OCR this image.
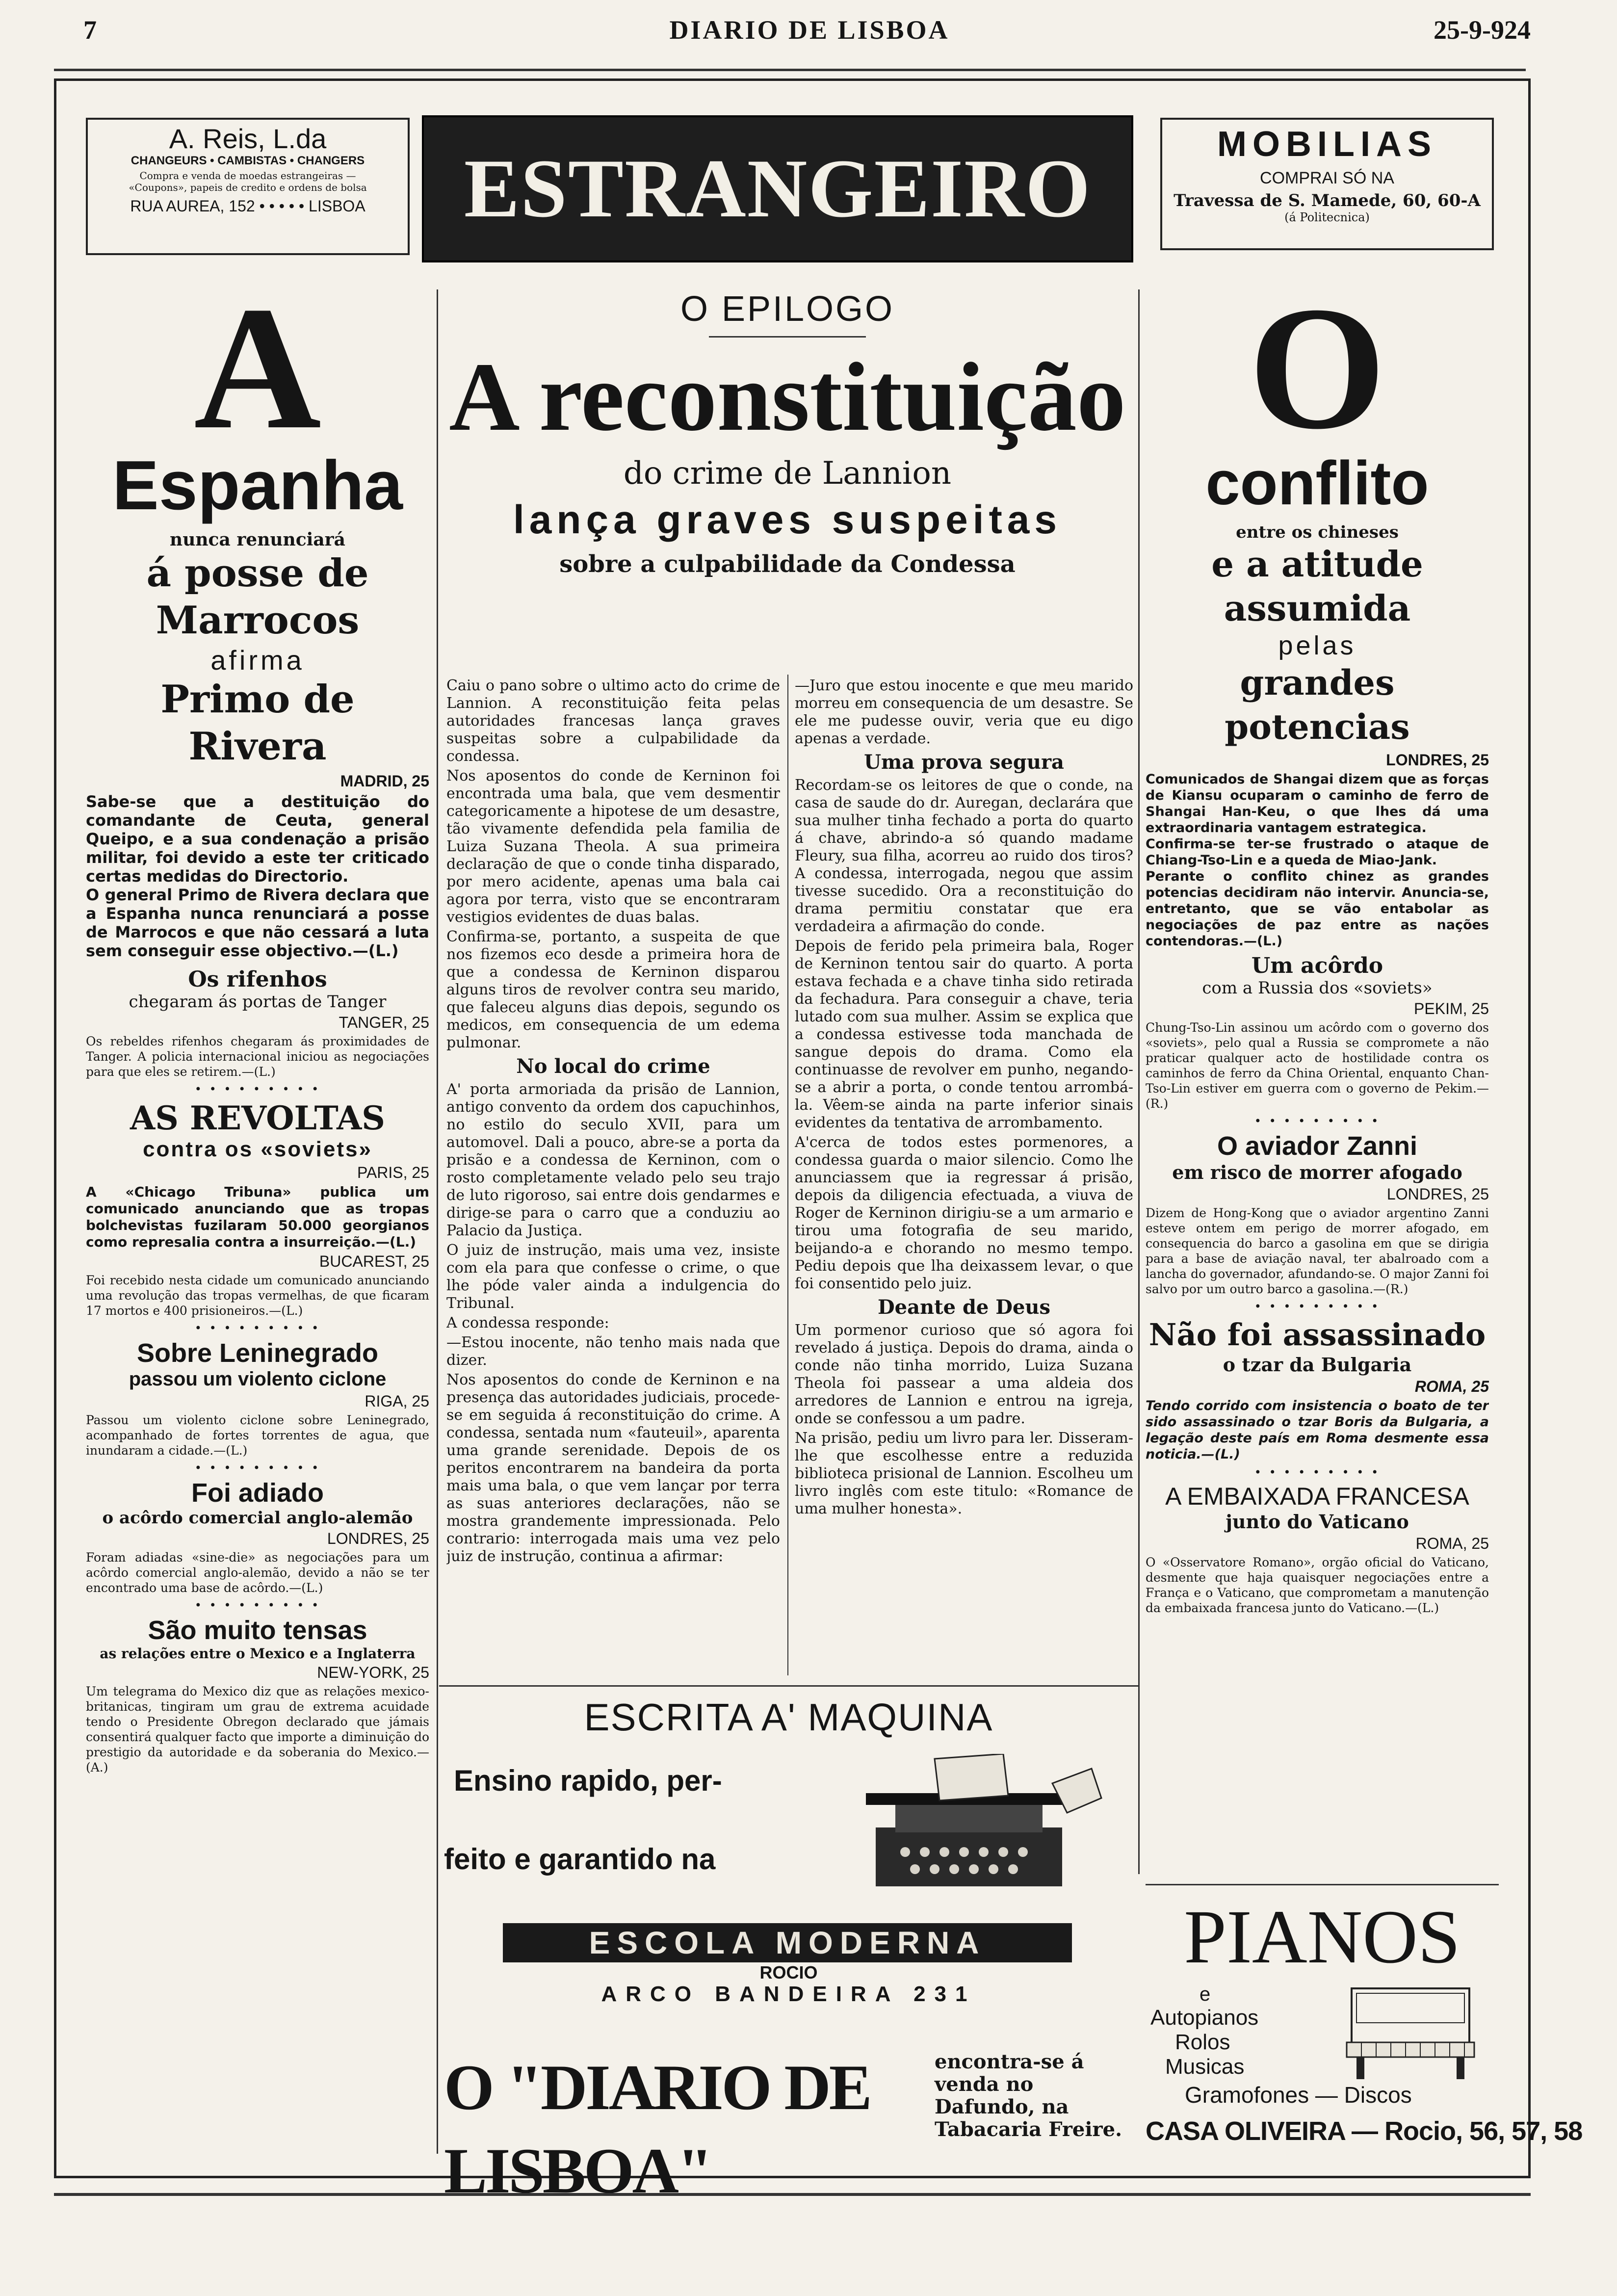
7	DIARIO DE LISBOA	25-9-924
A. Reis, L.da
CHANGEURS • CAMBISTAS • CHANGERS
Compra e venda de moedas estrangeiras — «Coupons», papeis de credito e ordens de bolsa
RUA AUREA, 152 • • • • • LISBOA	ESTRANGEIRO	MOBILIAS
COMPRAI SÓ NA
Travessa de S. Mamede, 60, 60-A
(á Politecnica)
A
Espanha
nunca renunciará
á posse de Marrocos
afirma
Primo de Rivera
MADRID, 25

Sabe-se que a destituição do comandante de Ceuta, general Queipo, e a sua condenação a prisão militar, foi devido a este ter criticado certas medidas do Directorio.

O general Primo de Rivera declara que a Espanha nunca renunciará a posse de Marrocos e que não cessará a luta sem conseguir esse objectivo.—(L.)

Os rifenhos
chegaram ás portas de Tanger
TANGER, 25

Os rebeldes rifenhos chegaram ás proximidades de Tanger. A policia internacional iniciou as negociações para que eles se retirem.—(L.)

• • • • • • • • •
AS REVOLTAS
contra os «soviets»
PARIS, 25

A «Chicago Tribuna» publica um comunicado anunciando que as tropas bolchevistas fuzilaram 50.000 georgianos como represalia contra a insurreição.—(L.)

BUCAREST, 25

Foi recebido nesta cidade um comunicado anunciando uma revolução das tropas vermelhas, de que ficaram 17 mortos e 400 prisioneiros.—(L.)

• • • • • • • • •
Sobre Leninegrado
passou um violento ciclone
RIGA, 25

Passou um violento ciclone sobre Leninegrado, acompanhado de fortes torrentes de agua, que inundaram a cidade.—(L.)

• • • • • • • • •
Foi adiado
o acôrdo comercial anglo-alemão
LONDRES, 25

Foram adiadas «sine-die» as negociações para um acôrdo comercial anglo-alemão, devido a não se ter encontrado uma base de acôrdo.—(L.)

• • • • • • • • •
São muito tensas
as relações entre o Mexico e a Inglaterra
NEW-YORK, 25

Um telegrama do Mexico diz que as relações mexico-britanicas, tingiram um grau de extrema acuidade tendo o Presidente Obregon declarado que jámais consentirá qualquer facto que importe a diminuição do prestigio da autoridade e da soberania do Mexico.—(A.)

O EPILOGO
A reconstituição
do crime de Lannion
lança graves suspeitas
sobre a culpabilidade da Condessa

Caiu o pano sobre o ultimo acto do crime de Lannion. A reconstituição feita pelas autoridades francesas lança graves suspeitas sobre a culpabilidade da condessa.

Nos aposentos do conde de Kerninon foi encontrada uma bala, que vem desmentir categoricamente a hipotese de um desastre, tão vivamente defendida pela familia de Luiza Suzana Theola. A sua primeira declaração de que o conde tinha disparado, por mero acidente, apenas uma bala cai agora por terra, visto que se encontraram vestigios evidentes de duas balas.

Confirma-se, portanto, a suspeita de que nos fizemos eco desde a primeira hora de que a condessa de Kerninon disparou alguns tiros de revolver contra seu marido, que faleceu alguns dias depois, segundo os medicos, em consequencia de um edema pulmonar.

No local do crime

A' porta armoriada da prisão de Lannion, antigo convento da ordem dos capuchinhos, no estilo do seculo XVII, para um automovel. Dali a pouco, abre-se a porta da prisão e a condessa de Kerninon, com o rosto completamente velado pelo seu trajo de luto rigoroso, sai entre dois gendarmes e dirige-se para o carro que a conduziu ao Palacio da Justiça.

O juiz de instrução, mais uma vez, insiste com ela para que confesse o crime, o que lhe póde valer ainda a indulgencia do Tribunal.

A condessa responde:

—Estou inocente, não tenho mais nada que dizer.

Nos aposentos do conde de Kerninon e na presença das autoridades judiciais, procede-se em seguida á reconstituição do crime. A condessa, sentada num «fauteuil», aparenta uma grande serenidade. Depois de os peritos encontrarem na bandeira da porta mais uma bala, o que vem lançar por terra as suas anteriores declarações, não se mostra grandemente impressionada. Pelo contrario: interrogada mais uma vez pelo juiz de instrução, continua a afirmar:

—Juro que estou inocente e que meu marido morreu em consequencia de um desastre. Se ele me pudesse ouvir, veria que eu digo apenas a verdade.

Uma prova segura

Recordam-se os leitores de que o conde, na casa de saude do dr. Auregan, declarára que sua mulher tinha fechado a porta do quarto á chave, abrindo-a só quando madame Fleury, sua filha, acorreu ao ruido dos tiros? A condessa, interrogada, negou que assim tivesse sucedido. Ora a reconstituição do drama permitiu constatar que era verdadeira a afirmação do conde.

Depois de ferido pela primeira bala, Roger de Kerninon tentou sair do quarto. A porta estava fechada e a chave tinha sido retirada da fechadura. Para conseguir a chave, teria lutado com sua mulher. Assim se explica que a condessa estivesse toda manchada de sangue depois do drama. Como ela continuasse de revolver em punho, negando-se a abrir a porta, o conde tentou arrombá-la. Vêem-se ainda na parte inferior sinais evidentes da tentativa de arrombamento.

A'cerca de todos estes pormenores, a condessa guarda o maior silencio. Como lhe anunciassem que ia regressar á prisão, depois da diligencia efectuada, a viuva de Roger de Kerninon dirigiu-se a um armario e tirou uma fotografia de seu marido, beijando-a e chorando no mesmo tempo. Pediu depois que lha deixassem levar, o que foi consentido pelo juiz.

Deante de Deus

Um pormenor curioso que só agora foi revelado á justiça. Depois do drama, ainda o conde não tinha morrido, Luiza Suzana Theola foi passear a uma aldeia dos arredores de Lannion e entrou na igreja, onde se confessou a um padre.

Na prisão, pediu um livro para ler. Disseram-lhe que escolhesse entre a reduzida biblioteca prisional de Lannion. Escolheu um livro inglês com este titulo: «Romance de uma mulher honesta».

ESCRITA A' MAQUINA
Ensino rapido, per-
feito e garantido na
ESCOLA MODERNA
ROCIO
ARCO BANDEIRA 231
O "DIARIO DE LISBOA"
encontra-se á venda no Dafundo, na Tabacaria Freire.
O
conflito
entre os chineses
e a atitude assumida
pelas
grandes potencias
LONDRES, 25

Comunicados de Shangai dizem que as forças de Kiansu ocuparam o caminho de ferro de Shangai Han-Keu, o que lhes dá uma extraordinaria vantagem estrategica.

Confirma-se ter-se frustrado o ataque de Chiang-Tso-Lin e a queda de Miao-Jank.

Perante o conflito chinez as grandes potencias decidiram não intervir. Anuncia-se, entretanto, que se vão entabolar as negociações de paz entre as nações contendoras.—(L.)

Um acôrdo
com a Russia dos «soviets»
PEKIM, 25

Chung-Tso-Lin assinou um acôrdo com o governo dos «soviets», pelo qual a Russia se compromete a não praticar qualquer acto de hostilidade contra os caminhos de ferro da China Oriental, enquanto Chan-Tso-Lin estiver em guerra com o governo de Pekim.—(R.)

• • • • • • • • •
O aviador Zanni
em risco de morrer afogado
LONDRES, 25

Dizem de Hong-Kong que o aviador argentino Zanni esteve ontem em perigo de morrer afogado, em consequencia do barco a gasolina em que se dirigia para a base de aviação naval, ter abalroado com a lancha do governador, afundando-se. O major Zanni foi salvo por um outro barco a gasolina.—(R.)

• • • • • • • • •
Não foi assassinado
o tzar da Bulgaria
ROMA, 25

Tendo corrido com insistencia o boato de ter sido assassinado o tzar Boris da Bulgaria, a legação deste país em Roma desmente essa noticia.—(L.)

• • • • • • • • •
A EMBAIXADA FRANCESA
junto do Vaticano
ROMA, 25

O «Osservatore Romano», orgão oficial do Vaticano, desmente que haja quaisquer negociações entre a França e o Vaticano, que comprometam a manutenção da embaixada francesa junto do Vaticano.—(L.)

PIANOS
e
Autopianos
Rolos
Musicas
Gramofones — Discos
CASA OLIVEIRA — Rocio, 56, 57, 58
